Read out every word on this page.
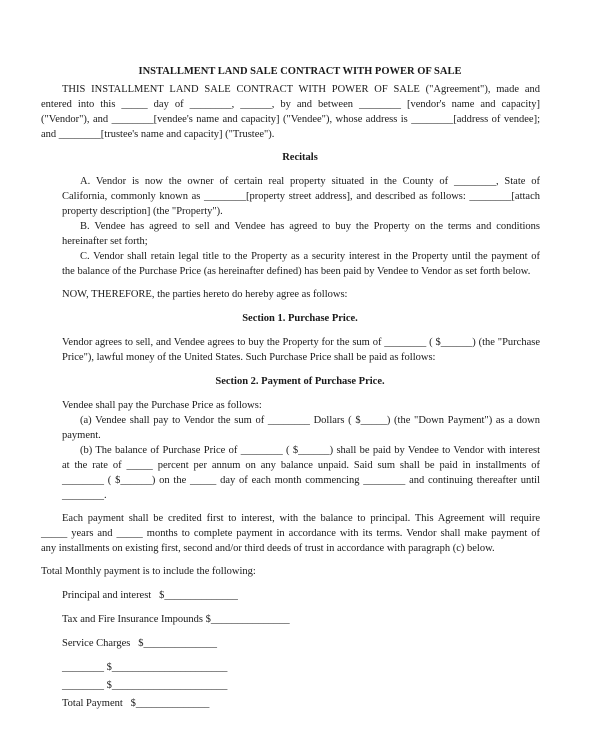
INSTALLMENT LAND SALE CONTRACT WITH POWER OF SALE
THIS INSTALLMENT LAND SALE CONTRACT WITH POWER OF SALE ("Agreement"), made and
entered into this _____ day of ________, ______, by and between ________ [vendor's name and capacity]
("Vendor"), and ________[vendee's name and capacity] ("Vendee"), whose address is ________[address of vendee];
and ________[trustee's name and capacity] ("Trustee").
Recitals
A. Vendor is now the owner of certain real property situated in the County of ________, State of
California, commonly known as ________[property street address], and described as follows: ________[attach
property description] (the "Property").
B. Vendee has agreed to sell and Vendee has agreed to buy the Property on the terms and conditions
hereinafter set forth;
C. Vendor shall retain legal title to the Property as a security interest in the Property until the payment of
the balance of the Purchase Price (as hereinafter defined) has been paid by Vendee to Vendor as set forth below.
NOW, THEREFORE, the parties hereto do hereby agree as follows:
Section 1. Purchase Price.
Vendor agrees to sell, and Vendee agrees to buy the Property for the sum of ________ ( $______) (the "Purchase
Price"), lawful money of the United States. Such Purchase Price shall be paid as follows:
Section 2. Payment of Purchase Price.
Vendee shall pay the Purchase Price as follows:
(a) Vendee shall pay to Vendor the sum of ________ Dollars ( $_____) (the "Down Payment") as a down
payment.
(b) The balance of Purchase Price of ________ ( $______) shall be paid by Vendee to Vendor with interest
at the rate of _____ percent per annum on any balance unpaid. Said sum shall be paid in installments of
________ ( $______) on the _____ day of each month commencing ________ and continuing thereafter until
________.
Each payment shall be credited first to interest, with the balance to principal. This Agreement will require
_____ years and _____ months to complete payment in accordance with its terms. Vendor shall make payment of
any installments on existing first, second and/or third deeds of trust in accordance with paragraph (c) below.
Total Monthly payment is to include the following:
Principal and interest   $______________
Tax and Fire Insurance Impounds $_______________
Service Charges   $______________
________ $______________________
________ $______________________
Total Payment   $______________
